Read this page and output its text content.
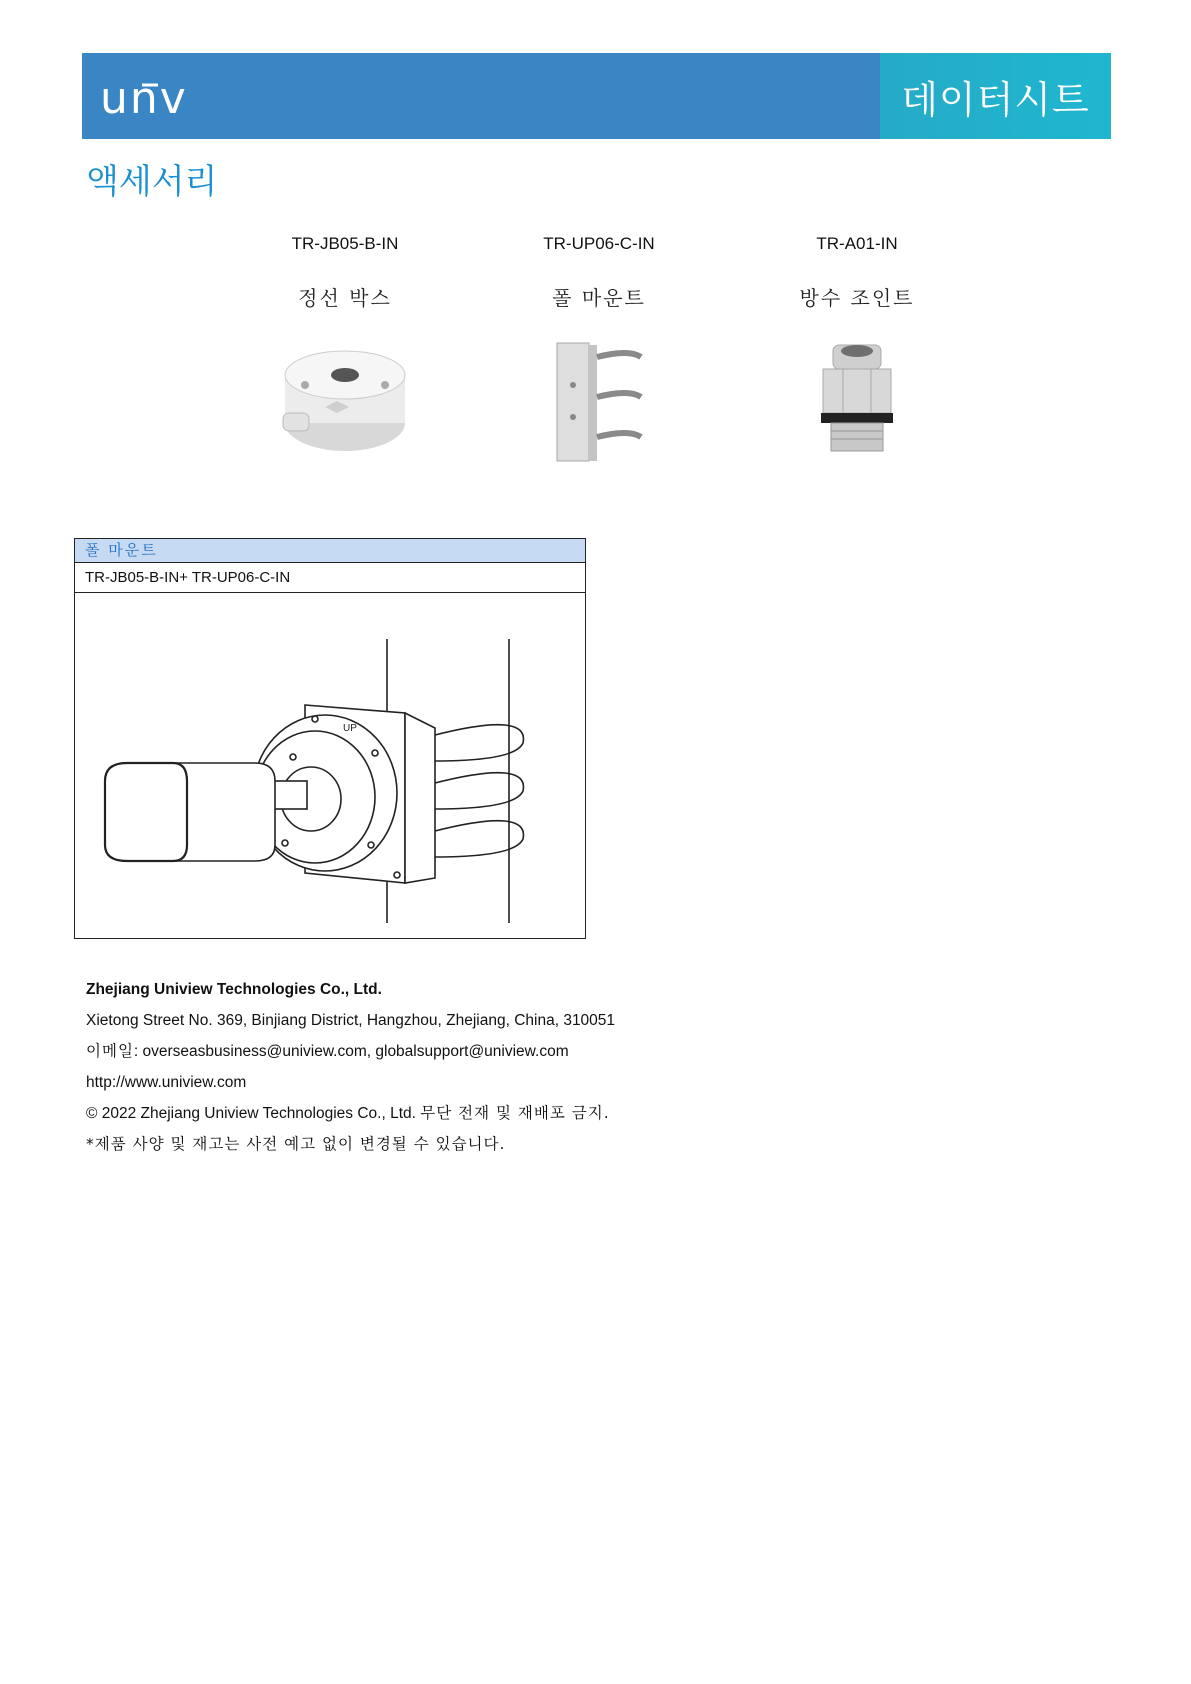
unv	데이터시트
액세서리
TR-JB05-B-IN
정선 박스
TR-UP06-C-IN
폴 마운트
TR-A01-IN
방수 조인트
폴 마운트
TR-JB05-B-IN+ TR-UP06-C-IN
UP
Zhejiang Uniview Technologies Co., Ltd.
Xietong Street No. 369, Binjiang District, Hangzhou, Zhejiang, China, 310051
이메일: overseasbusiness@uniview.com, globalsupport@uniview.com
http://www.uniview.com
© 2022 Zhejiang Uniview Technologies Co., Ltd. 무단 전재 및 재배포 금지.
*제품 사양 및 재고는 사전 예고 없이 변경될 수 있습니다.
